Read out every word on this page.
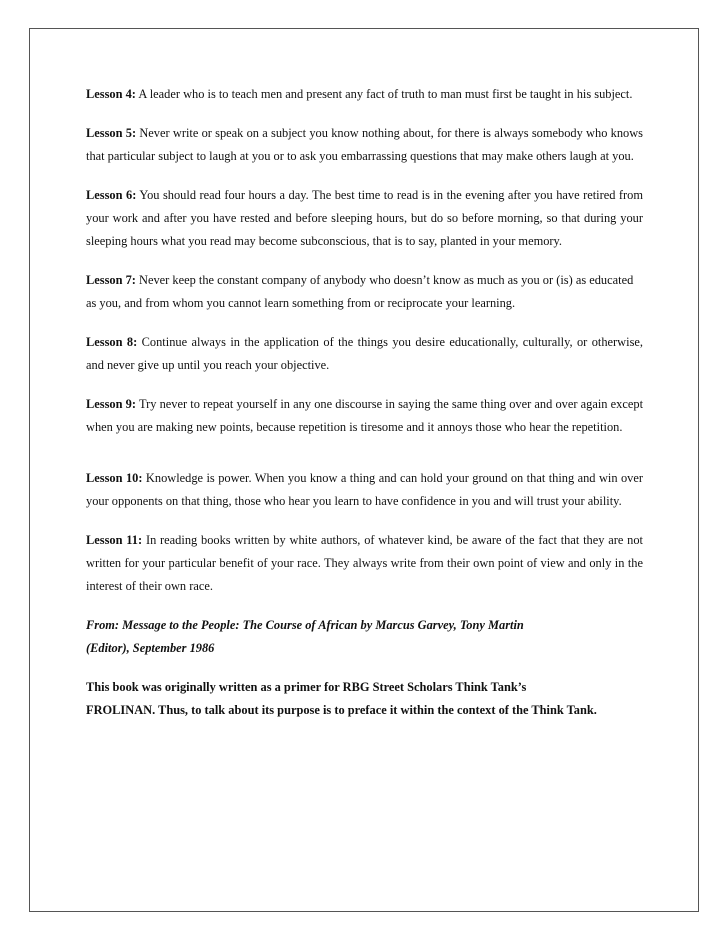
Lesson 4: A leader who is to teach men and present any fact of truth to man must first be taught in his subject.

Lesson 5: Never write or speak on a subject you know nothing about, for there is always somebody who knows that particular subject to laugh at you or to ask you embarrassing questions that may make others laugh at you.

Lesson 6: You should read four hours a day. The best time to read is in the evening after you have retired from your work and after you have rested and before sleeping hours, but do so before morning, so that during your sleeping hours what you read may become subconscious, that is to say, planted in your memory.

Lesson 7: Never keep the constant company of anybody who doesn’t know as much as you or (is) as educated as you, and from whom you cannot learn something from or reciprocate your learning.

Lesson 8: Continue always in the application of the things you desire educationally, culturally, or otherwise, and never give up until you reach your objective.

Lesson 9: Try never to repeat yourself in any one discourse in saying the same thing over and over again except when you are making new points, because repetition is tiresome and it annoys those who hear the repetition.

Lesson 10: Knowledge is power. When you know a thing and can hold your ground on that thing and win over your opponents on that thing, those who hear you learn to have confidence in you and will trust your ability.

Lesson 11: In reading books written by white authors, of whatever kind, be aware of the fact that they are not written for your particular benefit of your race. They always write from their own point of view and only in the interest of their own race.

From: Message to the People: The Course of African by Marcus Garvey, Tony Martin
(Editor), September 1986

This book was originally written as a primer for RBG Street Scholars Think Tank’s
FROLINAN. Thus, to talk about its purpose is to preface it within the context of the Think Tank.
